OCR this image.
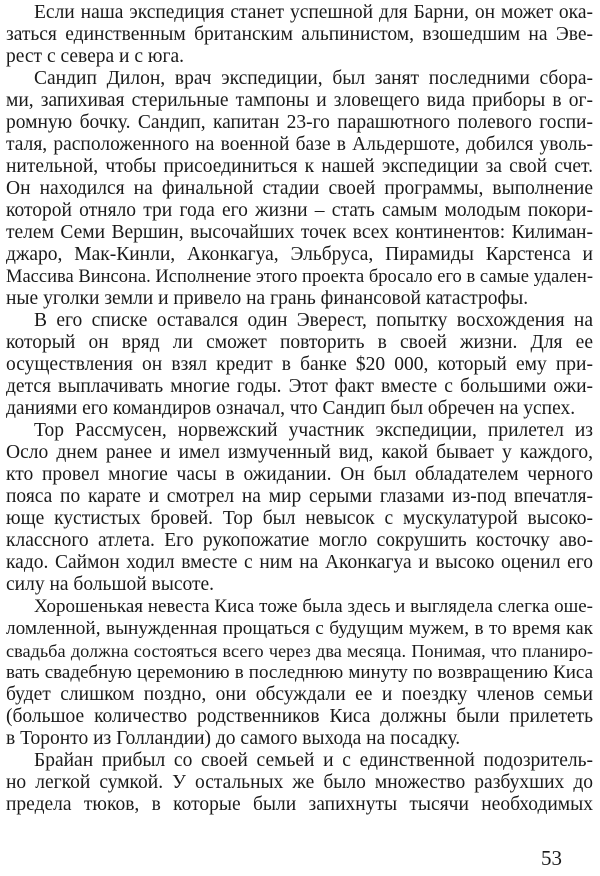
Если наша экспедиция станет успешной для Барни, он может ока-
заться единственным британским альпинистом, взошедшим на Эве-
рест с севера и с юга.
Сандип Дилон, врач экспедиции, был занят последними сбора-
ми, запихивая стерильные тампоны и зловещего вида приборы в ог-
ромную бочку. Сандип, капитан 23-го парашютного полевого госпи-
таля, расположенного на военной базе в Альдершоте, добился уволь-
нительной, чтобы присоединиться к нашей экспедиции за свой счет.
Он находился на финальной стадии своей программы, выполнение
которой отняло три года его жизни – стать самым молодым покори-
телем Семи Вершин, высочайших точек всех континентов: Килиман-
джаро, Мак-Кинли, Аконкагуа, Эльбруса, Пирамиды Карстенса и
Массива Винсона. Исполнение этого проекта бросало его в самые удален-
ные уголки земли и привело на грань финансовой катастрофы.
В его списке оставался один Эверест, попытку восхождения на
который он вряд ли сможет повторить в своей жизни. Для ее
осуществления он взял кредит в банке $20 000, который ему при-
дется выплачивать многие годы. Этот факт вместе с большими ожи-
даниями его командиров означал, что Сандип был обречен на успех.
Тор Рассмусен, норвежский участник экспедиции, прилетел из
Осло днем ранее и имел измученный вид, какой бывает у каждого,
кто провел многие часы в ожидании. Он был обладателем черного
пояса по карате и смотрел на мир серыми глазами из-под впечатля-
юще кустистых бровей. Тор был невысок с мускулатурой высоко-
классного атлета. Его рукопожатие могло сокрушить косточку аво-
кадо. Саймон ходил вместе с ним на Аконкагуа и высоко оценил его
силу на большой высоте.
Хорошенькая невеста Киса тоже была здесь и выглядела слегка ошe-
ломленной, вынужденная прощаться с будущим мужем, в то время как
свадьба должна состояться всего через два месяца. Понимая, что планиро-
вать свадебную церемонию в последнюю минуту по возвращению Киса
будет слишком поздно, они обсуждали ее и поездку членов семьи
(большое количество родственников Киса должны были прилететь
в Торонто из Голландии) до самого выхода на посадку.
Брайан прибыл со своей семьей и с единственной подозритель-
но легкой сумкой. У остальных же было множество разбухших до
предела тюков, в которые были запихнуты тысячи необходимых
53
